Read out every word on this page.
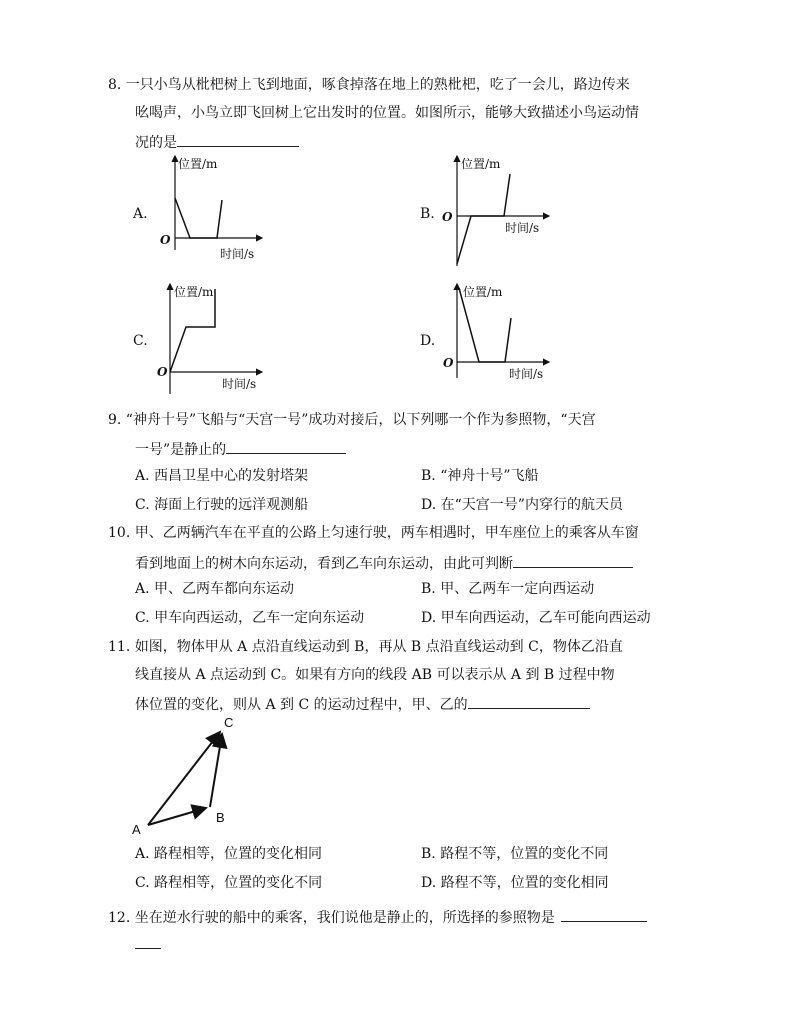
8. 一只小鸟从枇杷树上飞到地面，啄食掉落在地上的熟枇杷，吃了一会儿，路边传来
吆喝声，小鸟立即飞回树上它出发时的位置。如图所示，能够大致描述小鸟运动情
况的是
A.
位置/m
时间/s
O
B.
位置/m
时间/s
O
C.
位置/m
时间/s
O
D.
位置/m
时间/s
O
9. “神舟十号”飞船与“天宫一号”成功对接后，以下列哪一个作为参照物，“天宫
一号”是静止的
A. 西昌卫星中心的发射塔架	B. “神舟十号”飞船
C. 海面上行驶的远洋观测船	D. 在“天宫一号”内穿行的航天员
10. 甲、乙两辆汽车在平直的公路上匀速行驶，两车相遇时，甲车座位上的乘客从车窗
看到地面上的树木向东运动，看到乙车向东运动，由此可判断
A. 甲、乙两车都向东运动	B. 甲、乙两车一定向西运动
C. 甲车向西运动，乙车一定向东运动	D. 甲车向西运动，乙车可能向西运动
11. 如图，物体甲从 A 点沿直线运动到 B，再从 B 点沿直线运动到 C，物体乙沿直
线直接从 A 点运动到 C。如果有方向的线段 AB 可以表示从 A 到 B 过程中物
体位置的变化，则从 A 到 C 的运动过程中，甲、乙的
A
B
C
A. 路程相等，位置的变化相同	B. 路程不等，位置的变化不同
C. 路程相等，位置的变化不同	D. 路程不等，位置的变化相同
12. 坐在逆水行驶的船中的乘客，我们说他是静止的，所选择的参照物是
